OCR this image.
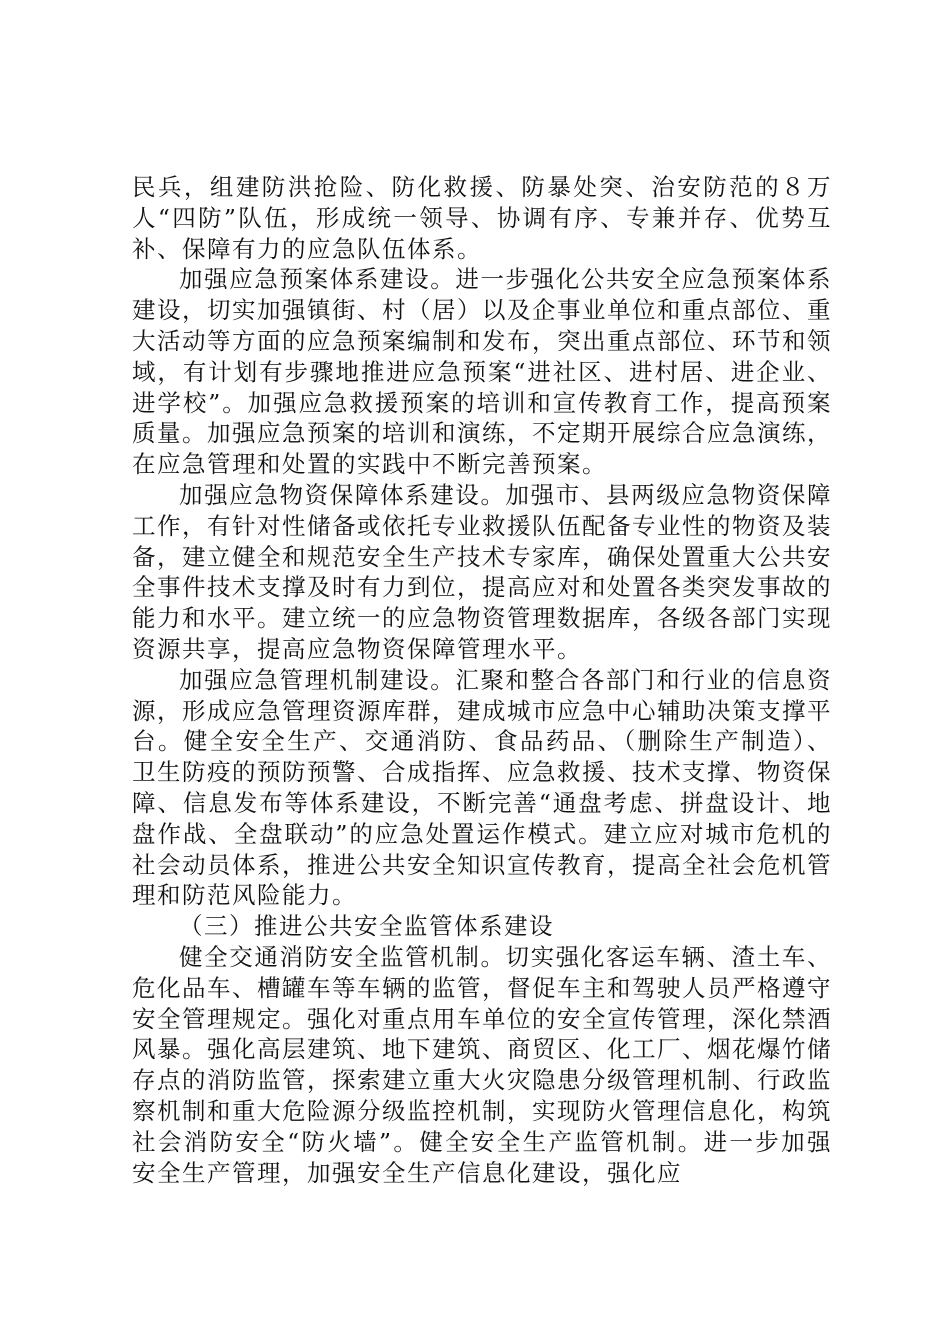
民兵，组建防洪抢险、防化救援、防暴处突、治安防范的８万人“四防”队伍，形成统一领导、协调有序、专兼并存、优势互补、保障有力的应急队伍体系。

加强应急预案体系建设。进一步强化公共安全应急预案体系建设，切实加强镇街、村（居）以及企事业单位和重点部位、重大活动等方面的应急预案编制和发布，突出重点部位、环节和领域，有计划有步骤地推进应急预案“进社区、进村居、进企业、进学校”。加强应急救援预案的培训和宣传教育工作，提高预案质量。加强应急预案的培训和演练，不定期开展综合应急演练，在应急管理和处置的实践中不断完善预案。

加强应急物资保障体系建设。加强市、县两级应急物资保障工作，有针对性储备或依托专业救援队伍配备专业性的物资及装备，建立健全和规范安全生产技术专家库，确保处置重大公共安全事件技术支撑及时有力到位，提高应对和处置各类突发事故的能力和水平。建立统一的应急物资管理数据库，各级各部门实现资源共享，提高应急物资保障管理水平。

加强应急管理机制建设。汇聚和整合各部门和行业的信息资源，形成应急管理资源库群，建成城市应急中心辅助决策支撑平台。健全安全生产、交通消防、食品药品、（删除生产制造）、卫生防疫的预防预警、合成指挥、应急救援、技术支撑、物资保障、信息发布等体系建设，不断完善“通盘考虑、拼盘设计、地盘作战、全盘联动”的应急处置运作模式。建立应对城市危机的社会动员体系，推进公共安全知识宣传教育，提高全社会危机管理和防范风险能力。

（三）推进公共安全监管体系建设

健全交通消防安全监管机制。切实强化客运车辆、渣土车、危化品车、槽罐车等车辆的监管，督促车主和驾驶人员严格遵守安全管理规定。强化对重点用车单位的安全宣传管理，深化禁酒风暴。强化高层建筑、地下建筑、商贸区、化工厂、烟花爆竹储存点的消防监管，探索建立重大火灾隐患分级管理机制、行政监察机制和重大危险源分级监控机制，实现防火管理信息化，构筑社会消防安全“防火墙”。健全安全生产监管机制。进一步加强安全生产管理，加强安全生产信息化建设，强化应
